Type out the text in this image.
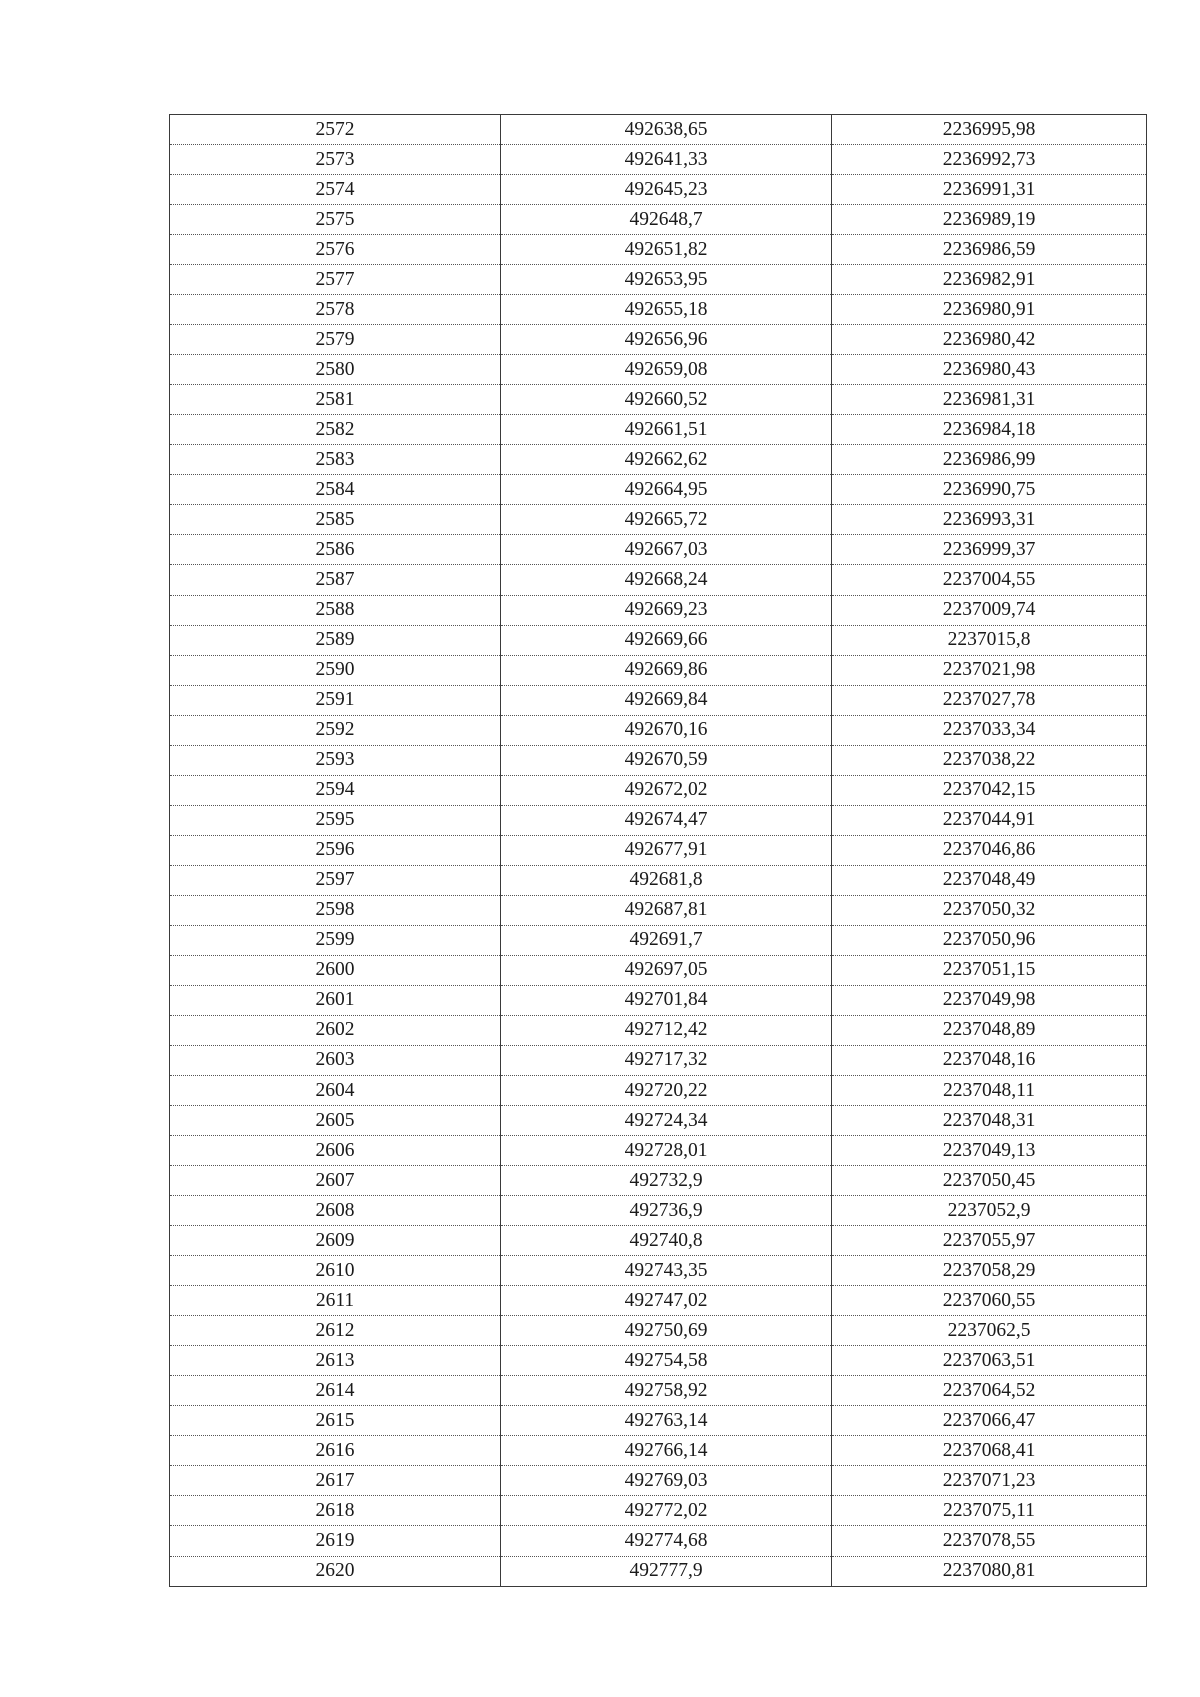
2572	492638,65	2236995,98
2573	492641,33	2236992,73
2574	492645,23	2236991,31
2575	492648,7	2236989,19
2576	492651,82	2236986,59
2577	492653,95	2236982,91
2578	492655,18	2236980,91
2579	492656,96	2236980,42
2580	492659,08	2236980,43
2581	492660,52	2236981,31
2582	492661,51	2236984,18
2583	492662,62	2236986,99
2584	492664,95	2236990,75
2585	492665,72	2236993,31
2586	492667,03	2236999,37
2587	492668,24	2237004,55
2588	492669,23	2237009,74
2589	492669,66	2237015,8
2590	492669,86	2237021,98
2591	492669,84	2237027,78
2592	492670,16	2237033,34
2593	492670,59	2237038,22
2594	492672,02	2237042,15
2595	492674,47	2237044,91
2596	492677,91	2237046,86
2597	492681,8	2237048,49
2598	492687,81	2237050,32
2599	492691,7	2237050,96
2600	492697,05	2237051,15
2601	492701,84	2237049,98
2602	492712,42	2237048,89
2603	492717,32	2237048,16
2604	492720,22	2237048,11
2605	492724,34	2237048,31
2606	492728,01	2237049,13
2607	492732,9	2237050,45
2608	492736,9	2237052,9
2609	492740,8	2237055,97
2610	492743,35	2237058,29
2611	492747,02	2237060,55
2612	492750,69	2237062,5
2613	492754,58	2237063,51
2614	492758,92	2237064,52
2615	492763,14	2237066,47
2616	492766,14	2237068,41
2617	492769,03	2237071,23
2618	492772,02	2237075,11
2619	492774,68	2237078,55
2620	492777,9	2237080,81
